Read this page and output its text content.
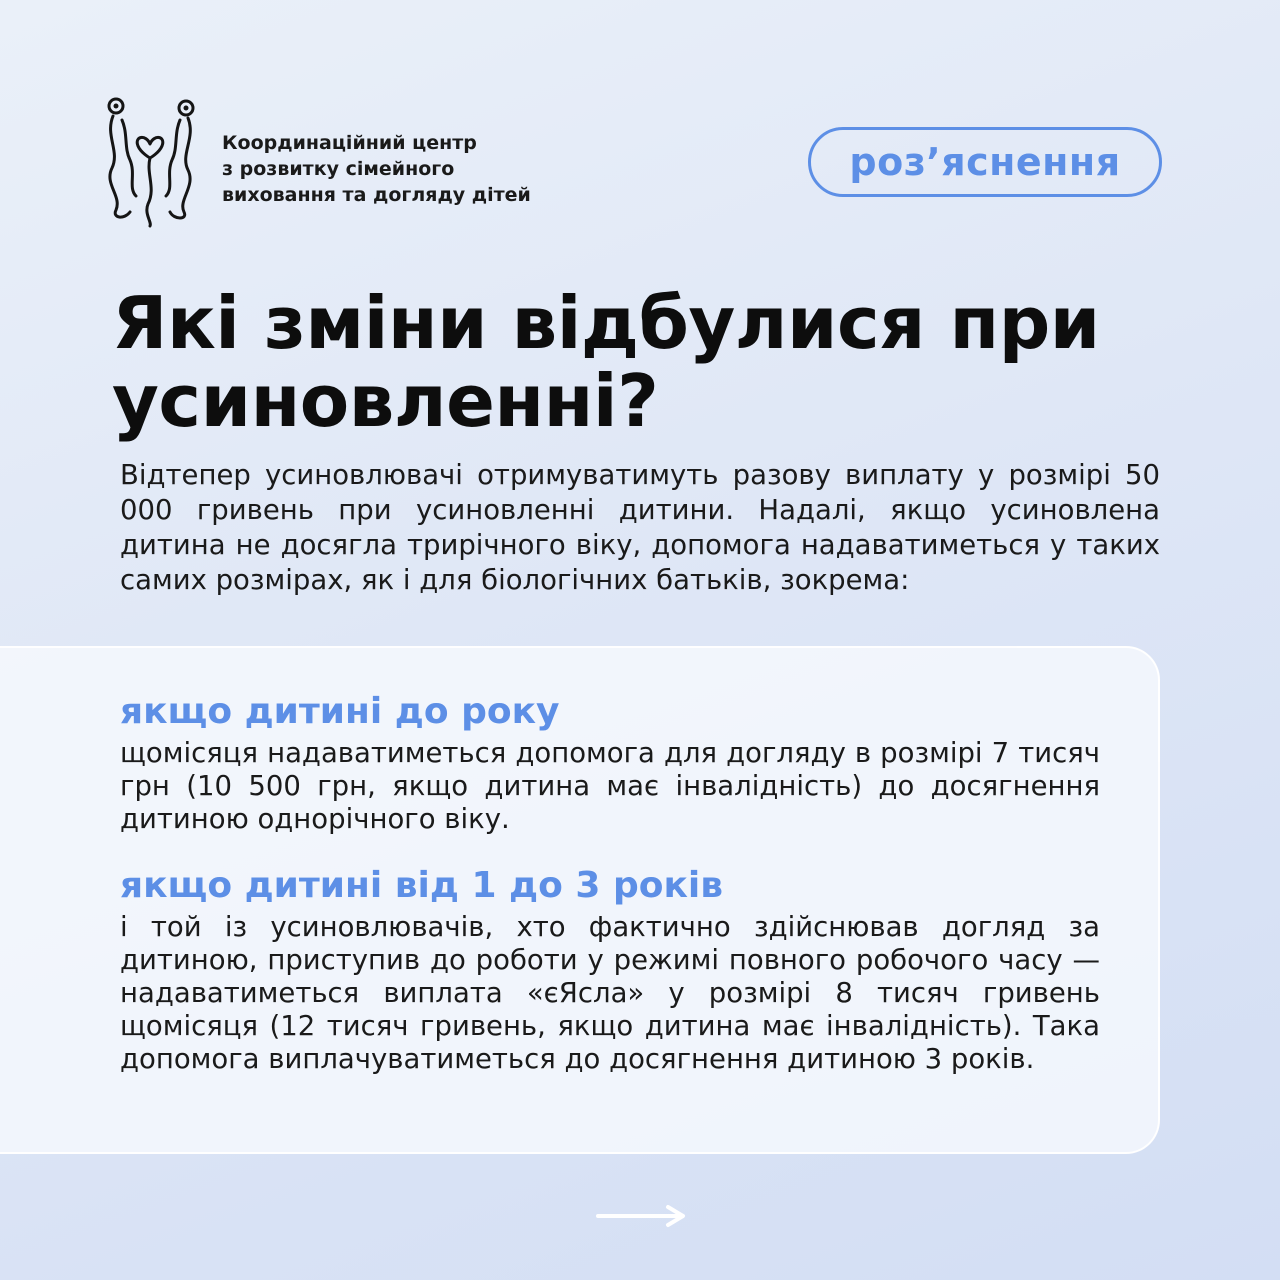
Координаційний центр
з розвитку сімейного
виховання та догляду дітей
роз’яснення
Які зміни відбулися при
усиновленні?

Відтепер усиновлювачі отримуватимуть разову виплату у розмірі 50 000 гривень при усиновленні дитини. Надалі, якщо усиновлена дитина не досягла трирічного віку, допомога надаватиметься у таких самих розмірах, як і для біологічних батьків, зокрема:

якщо дитині до року

щомісяця надаватиметься допомога для догляду в розмірі 7 тисяч грн (10 500 грн, якщо дитина має інвалідність) до досягнення дитиною однорічного віку.

якщо дитині від 1 до 3 років

і той із усиновлювачів, хто фактично здійснював догляд за дитиною, приступив до роботи у режимі повного робочого часу — надаватиметься виплата «єЯсла» у розмірі 8 тисяч гривень щомісяця (12 тисяч гривень, якщо дитина має інвалідність). Така допомога виплачуватиметься до досягнення дитиною 3 років.
